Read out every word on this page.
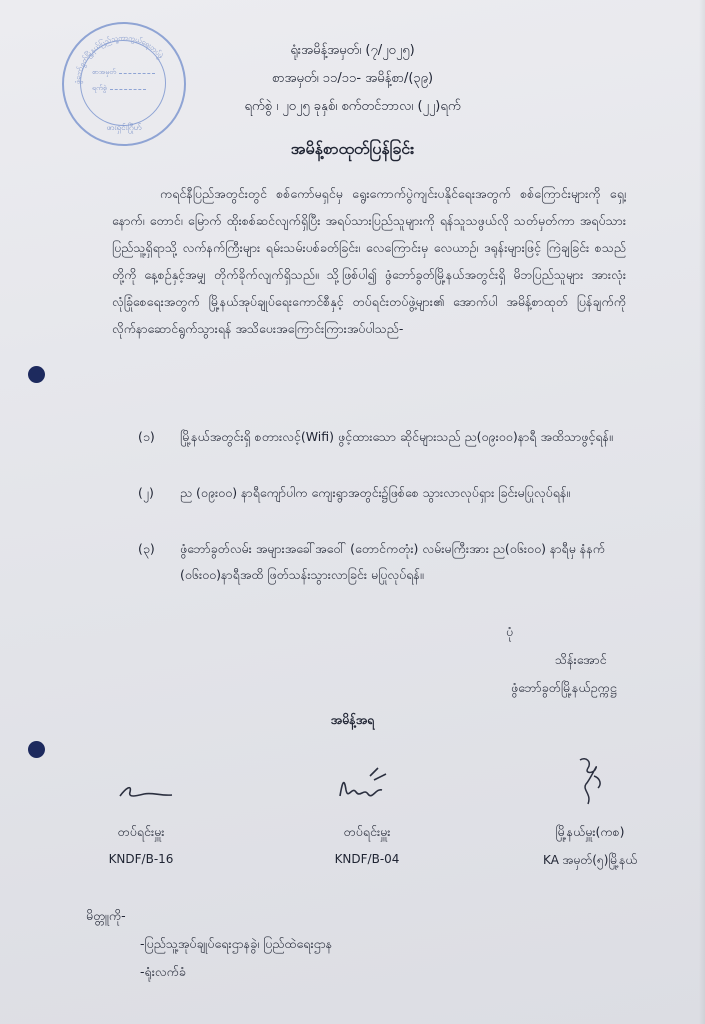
ဖွံဘော်ခွတ်မြို့နယ်ပြည်သူ့ကာကွယ်ရေးတပ်ဖွဲ့
စာအမှတ်
ရက်စွဲ
ဖားရှင်းဂြိုဟ်
ရုံးအမိန့်အမှတ်၊ (၇/၂၀၂၅)
စာအမှတ်၊ ၁၁/၁၁- အမိန့်စာ/(၃၉)
ရက်စွဲ ၊ ၂၀၂၅ ခုနှစ်၊ စက်တင်ဘာလ၊ (၂၂)ရက်
အမိန့်စာထုတ်ပြန်ခြင်း
ကရင်နီပြည်အတွင်းတွင် စစ်ကော်မရှင်မှ ရွေးကောက်ပွဲကျင်းပနိုင်ရေးအတွက် စစ်ကြောင်းများကို ရှေ့၊ နောက်၊ တောင်၊ မြောက် ထိုးစစ်ဆင်လျက်ရှိပြီး အရပ်သားပြည်သူများကို ရန်သူသဖွယ်လို သတ်မှတ်ကာ အရပ်သားပြည်သူ့ရှိရာသို့ လက်နက်ကြီးများ ရမ်းသမ်းပစ်ခတ်ခြင်း၊ လေကြောင်းမှ လေယာဉ်၊ ဒရုန်းများဖြင့် ကြဲချခြင်း စသည်တို့ကို နေ့စဉ်နှင့်အမျှ တိုက်ခိုက်လျက်ရှိသည်။ သို့ဖြစ်ပါ၍ ဖွံဘော်ခွတ်မြို့နယ်အတွင်းရှိ မိဘပြည်သူများ အားလုံး လုံခြုံစေရေးအတွက် မြို့နယ်အုပ်ချုပ်ရေးကောင်စီနှင့် တပ်ရင်းတပ်ဖွဲ့များ၏ အောက်ပါ အမိန့်စာထုတ် ပြန်ချက်ကို လိုက်နာဆောင်ရွက်သွားရန် အသိပေးအကြောင်းကြားအပ်ပါသည်-
(၁) မြို့နယ်အတွင်းရှိ စတားလင့်(Wifi) ဖွင့်ထားသော ဆိုင်များသည် ည(၀၉း၀၀)နာရီ အထိသာဖွင့်ရန်။
(၂) ည (၀၉း၀၀) နာရီကျော်ပါက ကျေးရွာအတွင်း၌ဖြစ်စေ သွားလာလုပ်ရှား ခြင်းမပြုလုပ်ရန်။
(၃) ဖွံဘော်ခွတ်လမ်း အများအခေါ်အဝေါ် (တောင်ကတုံး) လမ်းမကြီးအား ည(၀၆း၀၀) နာရီမှ နံနက် (၀၆း၀၀)နာရီအထိ ဖြတ်သန်းသွားလာခြင်း မပြုလုပ်ရန်။
ပုံ
သိန်းအောင်
ဖွံဘော်ခွတ်မြို့နယ်ဥက္ကဋ္ဌ
အမိန့်အရ
တပ်ရင်းမှူး
KNDF/B-16
တပ်ရင်းမှူး
KNDF/B-04
မြို့နယ်မှူး(ကစ)
KA အမှတ်(၅)မြို့နယ်
မိတ္တူကို-
-ပြည်သူ့အုပ်ချုပ်ရေးဌာနခွဲ၊ ပြည်ထဲရေးဌာန
-ရုံးလက်ခံ
